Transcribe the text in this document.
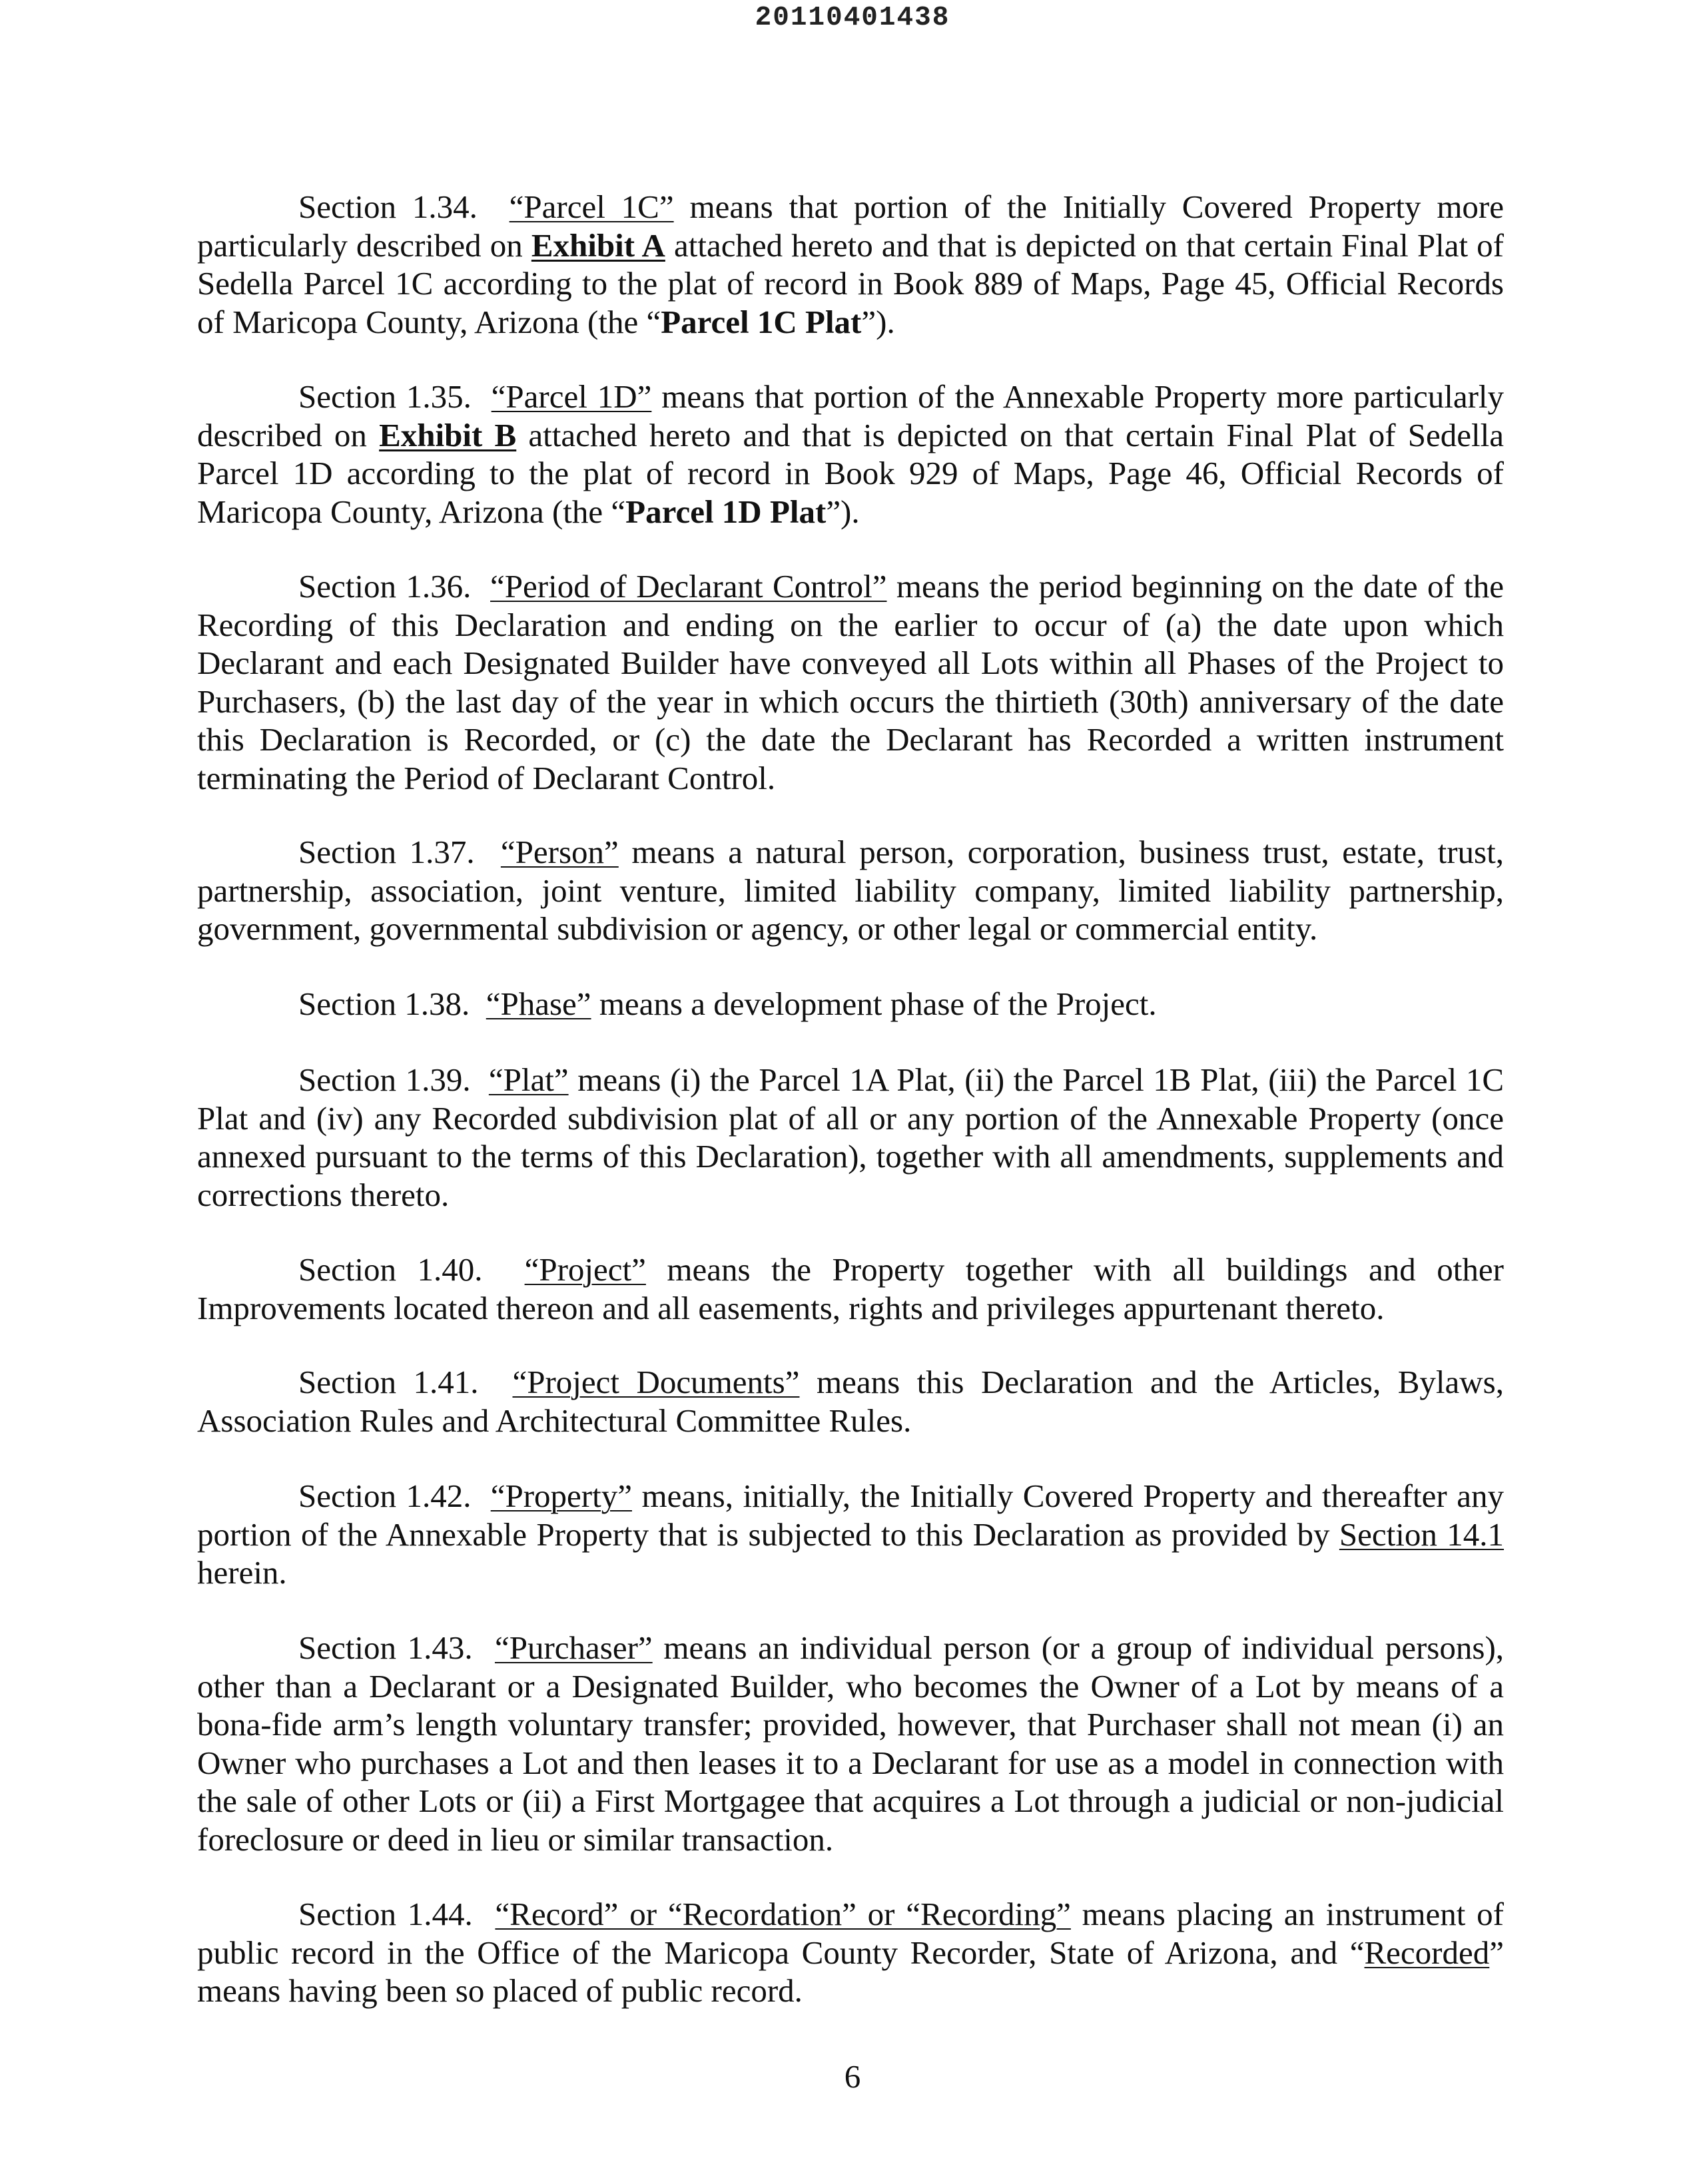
20110401438
Section 1.34. “Parcel 1C” means that portion of the Initially Covered Property more particularly described on Exhibit A attached hereto and that is depicted on that certain Final Plat of Sedella Parcel 1C according to the plat of record in Book 889 of Maps, Page 45, Official Records of Maricopa County, Arizona (the “Parcel 1C Plat”).
Section 1.35. “Parcel 1D” means that portion of the Annexable Property more particularly described on Exhibit B attached hereto and that is depicted on that certain Final Plat of Sedella Parcel 1D according to the plat of record in Book 929 of Maps, Page 46, Official Records of Maricopa County, Arizona (the “Parcel 1D Plat”).
Section 1.36. “Period of Declarant Control” means the period beginning on the date of the Recording of this Declaration and ending on the earlier to occur of (a) the date upon which Declarant and each Designated Builder have conveyed all Lots within all Phases of the Project to Purchasers, (b) the last day of the year in which occurs the thirtieth (30th) anniversary of the date this Declaration is Recorded, or (c) the date the Declarant has Recorded a written instrument terminating the Period of Declarant Control.
Section 1.37. “Person” means a natural person, corporation, business trust, estate, trust, partnership, association, joint venture, limited liability company, limited liability partnership, government, governmental subdivision or agency, or other legal or commercial entity.
Section 1.38. “Phase” means a development phase of the Project.
Section 1.39. “Plat” means (i) the Parcel 1A Plat, (ii) the Parcel 1B Plat, (iii) the Parcel 1C Plat and (iv) any Recorded subdivision plat of all or any portion of the Annexable Property (once annexed pursuant to the terms of this Declaration), together with all amendments, supplements and corrections thereto.
Section 1.40. “Project” means the Property together with all buildings and other Improvements located thereon and all easements, rights and privileges appurtenant thereto.
Section 1.41. “Project Documents” means this Declaration and the Articles, Bylaws, Association Rules and Architectural Committee Rules.
Section 1.42. “Property” means, initially, the Initially Covered Property and thereafter any portion of the Annexable Property that is subjected to this Declaration as provided by Section 14.1 herein.
Section 1.43. “Purchaser” means an individual person (or a group of individual persons), other than a Declarant or a Designated Builder, who becomes the Owner of a Lot by means of a bona-fide arm’s length voluntary transfer; provided, however, that Purchaser shall not mean (i) an Owner who purchases a Lot and then leases it to a Declarant for use as a model in connection with the sale of other Lots or (ii) a First Mortgagee that acquires a Lot through a judicial or non-judicial foreclosure or deed in lieu or similar transaction.
Section 1.44. “Record” or “Recordation” or “Recording” means placing an instrument of public record in the Office of the Maricopa County Recorder, State of Arizona, and “Recorded” means having been so placed of public record.
6
